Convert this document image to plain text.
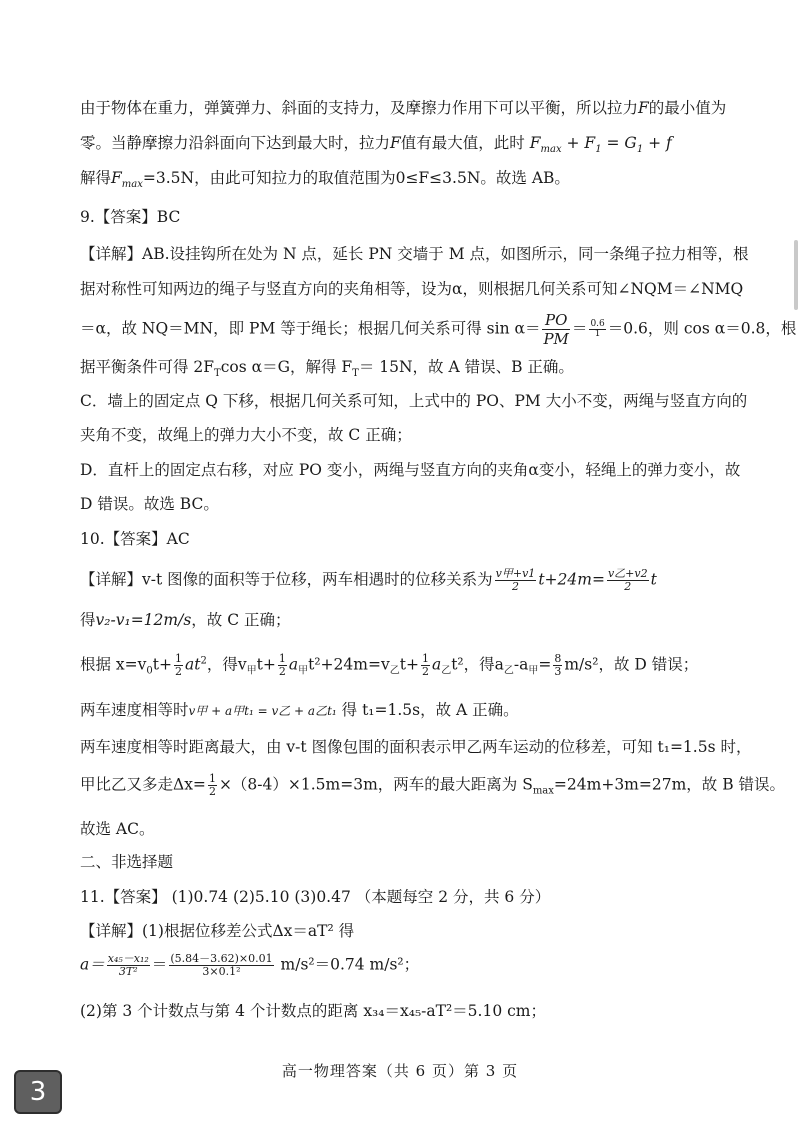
由于物体在重力，弹簧弹力、斜面的支持力，及摩擦力作用下可以平衡，所以拉力F的最小值为
零。当静摩擦力沿斜面向下达到最大时，拉力F值有最大值，此时 $F_{max} + F_1 = G_1 + f$
解得$F_{max}=3.5N$，由此可知拉力的取值范围为0≤F≤3.5N。故选 AB。
9.【答案】BC
【详解】AB.设挂钩所在处为 N 点，延长 PN 交墙于 M 点，如图所示，同一条绳子拉力相等，根
据对称性可知两边的绳子与竖直方向的夹角相等，设为α，则根据几何关系可知∠NQM＝∠NMQ
＝α，故 NQ＝MN，即 PM 等于绳长；根据几何关系可得 $\sin \alpha= \frac{PO}{PM} = \frac{0.6}{1} =0.6$，则 cos α＝0.8，根
据平衡条件可得 $2F_T\cos$ α＝G，解得 $F_T= 15N$，故 A 错误、B 正确。
C．墙上的固定点 Q 下移，根据几何关系可知，上式中的 PO、PM 大小不变，两绳与竖直方向的
夹角不变，故绳上的弹力大小不变，故 C 正确；
D．直杆上的固定点右移，对应 PO 变小，两绳与竖直方向的夹角α变小，轻绳上的弹力变小，故
D 错误。故选 BC。
10.【答案】AC
【详解】v-t 图像的面积等于位移，两车相遇时的位移关系为 $\frac{\text{v甲+v1}}{2} t+24m= \frac{\text{v乙+v2}}{2}$ t
得v₂-v₁=12m/s，故 C 正确；
根据 $x=v_0t+ \frac{1}{2} at^2$，得$v_甲t+ \frac{1}{2} a_甲t^2+24m=v_乙t+ \frac{1}{2} a_乙t^2$，得$a_乙-a_甲= \frac{8}{3} m/s^2$，故 D 错误；
两车速度相等时v甲 + a甲t₁ = v乙 + a乙t₁ 得 t₁=1.5s，故 A 正确。
两车速度相等时距离最大，由 v-t 图像包围的面积表示甲乙两车运动的位移差，可知 t₁=1.5s 时，
甲比乙又多走$\Delta x= \frac{1}{2} \times(8-4)\times 1.5m=3m$，两车的最大距离为 $S_{max}=24m+3m=27m$，故 B 错误。
故选 AC。
二、非选择题
11.【答案】 (1)0.74 (2)5.10 (3)0.47 （本题每空 2 分，共 6 分）
【详解】(1)根据位移差公式Δx＝aT² 得
$a= \frac{\text{x₄₅－x₁₂}}{\text{3T²}} = \frac{(5.84-3.62)\times 0.01}{\text{3×0.1²}} m/s^2=0.74$ m/s²；
(2)第 3 个计数点与第 4 个计数点的距离 x₃₄＝x₄₅-aT²＝5.10 cm；
高一物理答案（共 6 页）第 3 页
3
